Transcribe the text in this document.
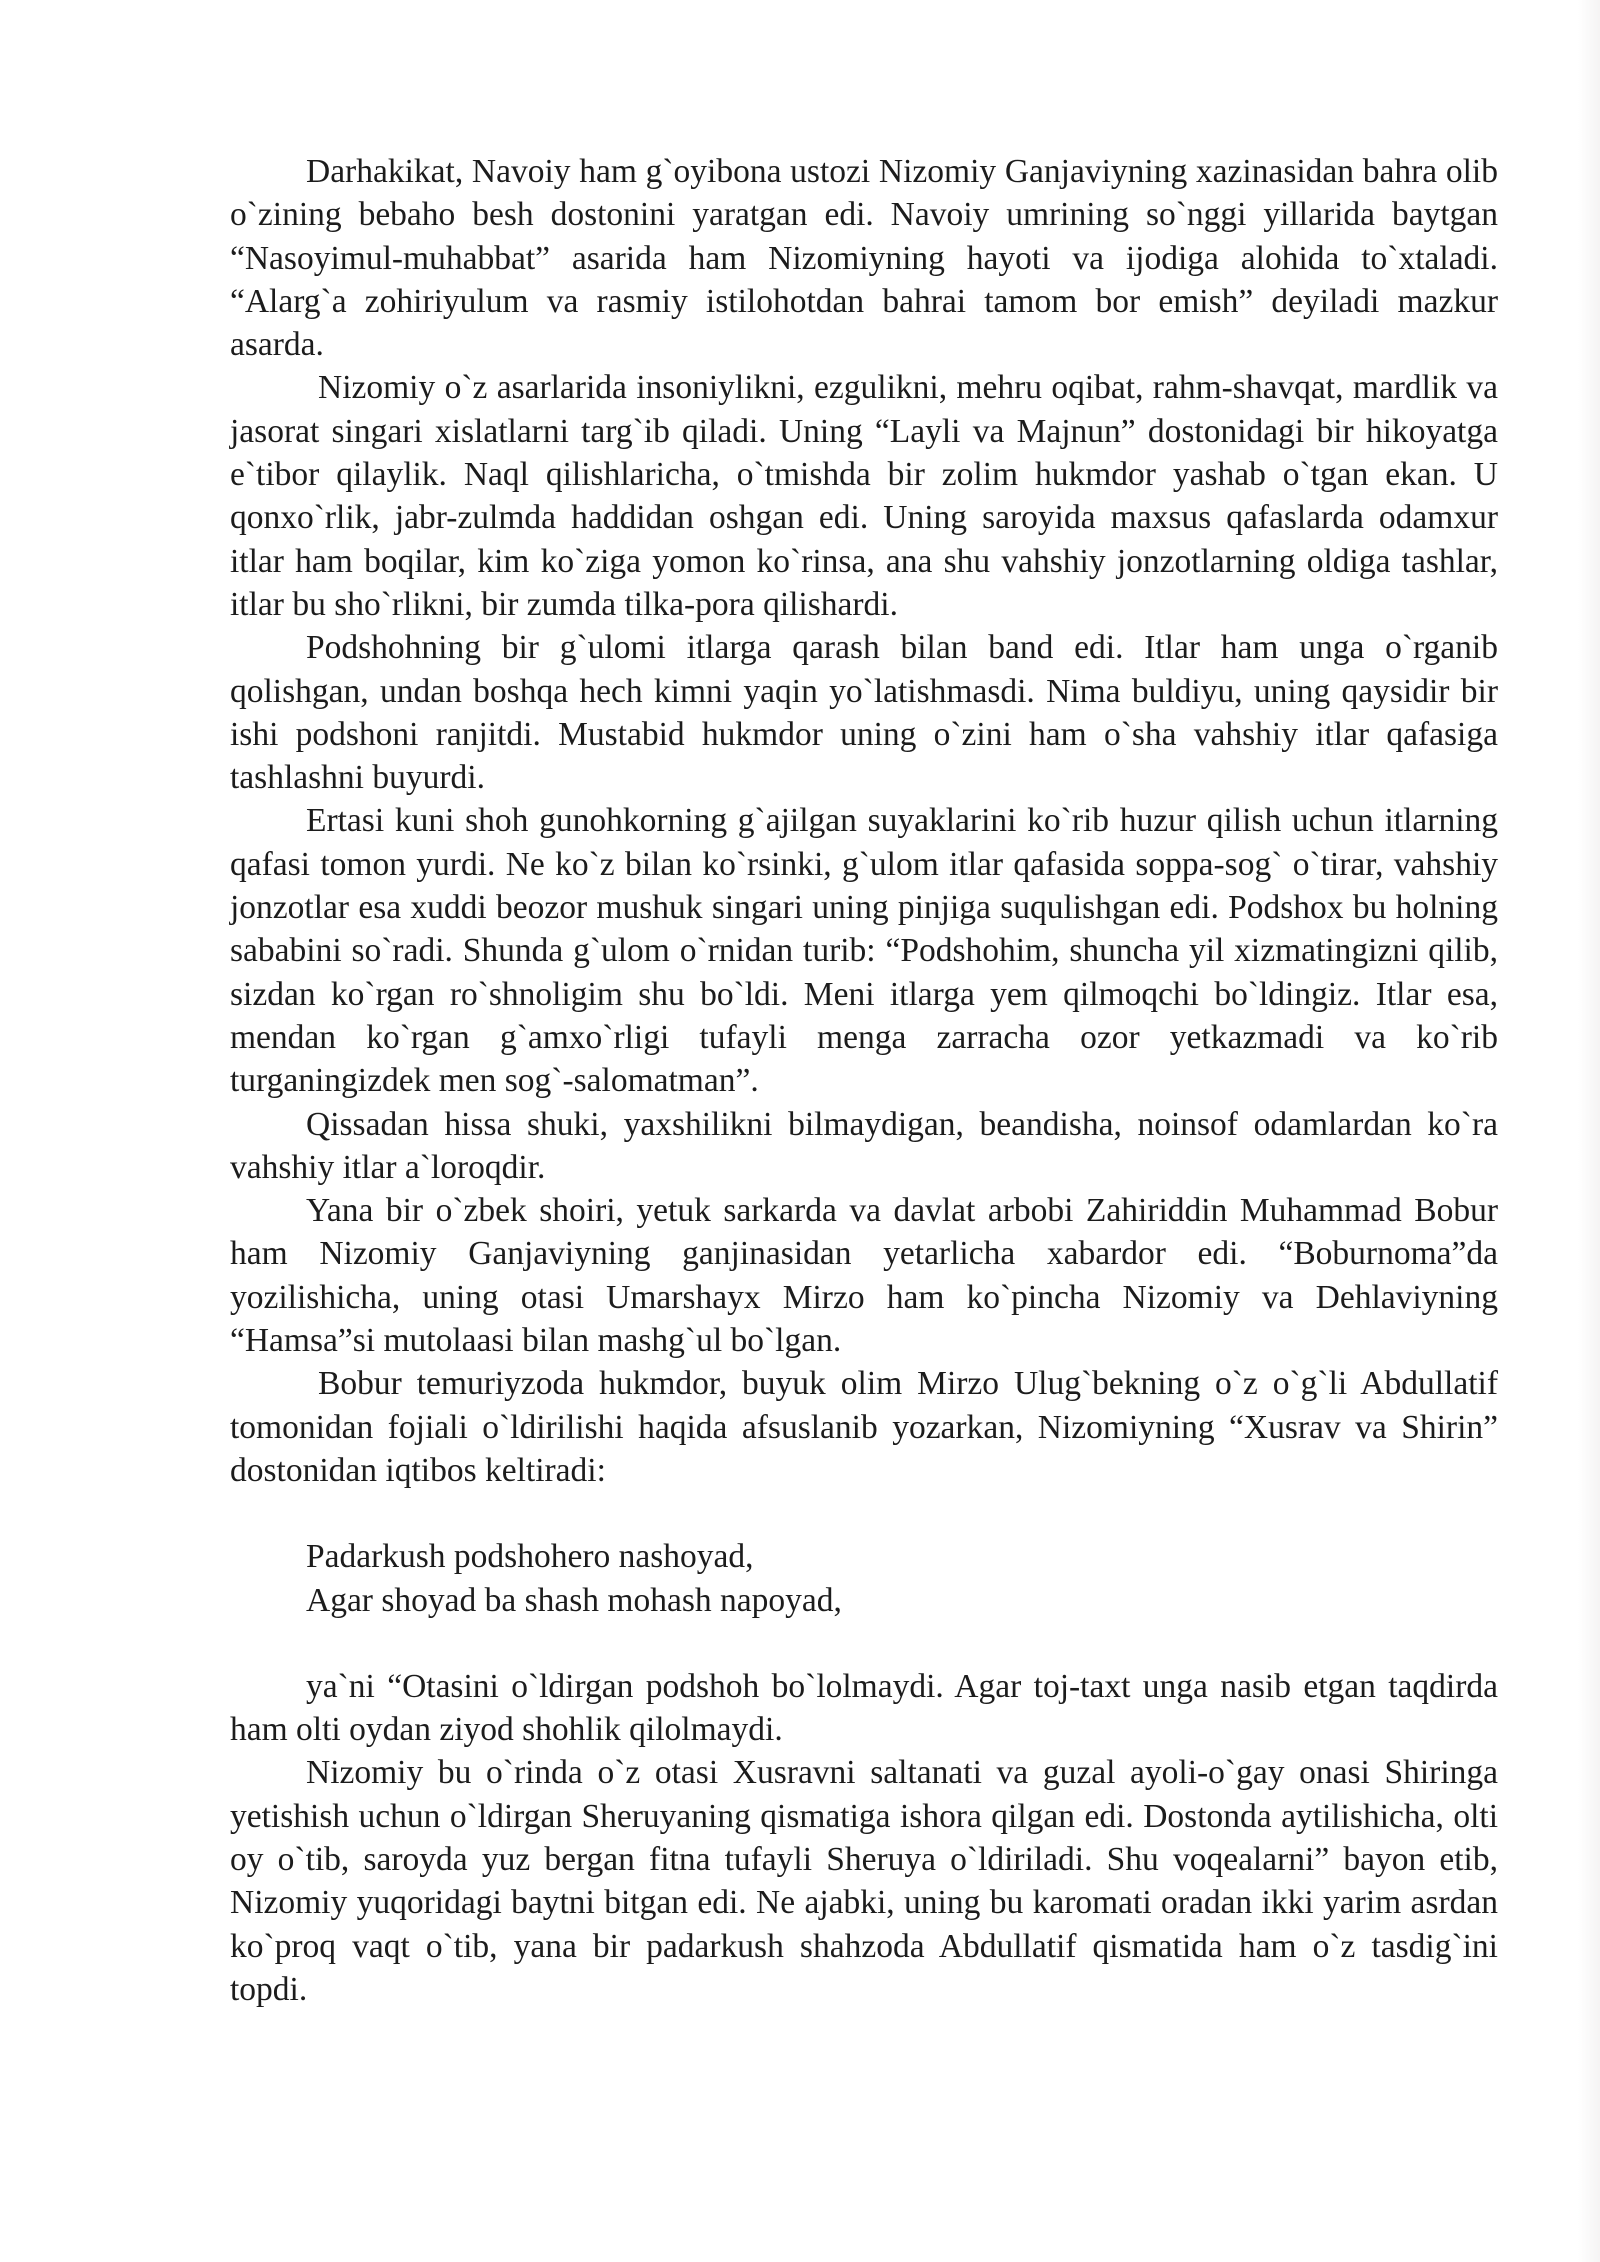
Darhakikat, Navoiy ham g`oyibona ustozi Nizomiy Ganjaviyning xazinasidan bahra olib o`zining bebaho besh dostonini yaratgan edi. Navoiy umrining so`nggi yillarida baytgan “Nasoyimul-muhabbat” asarida ham Nizomiyning hayoti va ijodiga alohida to`xtaladi. “Alarg`a zohiriyulum va rasmiy istilohotdan bahrai tamom bor emish” deyiladi mazkur asarda.

Nizomiy o`z asarlarida insoniylikni, ezgulikni, mehru oqibat, rahm-shavqat, mardlik va jasorat singari xislatlarni targ`ib qiladi. Uning “Layli va Majnun” dostonidagi bir hikoyatga e`tibor qilaylik. Naql qilishlaricha, o`tmishda bir zolim hukmdor yashab o`tgan ekan. U qonxo`rlik, jabr-zulmda haddidan oshgan edi. Uning saroyida maxsus qafaslarda odamxur itlar ham boqilar, kim ko`ziga yomon ko`rinsa, ana shu vahshiy jonzotlarning oldiga tashlar, itlar bu sho`rlikni, bir zumda tilka-pora qilishardi.

Podshohning bir g`ulomi itlarga qarash bilan band edi. Itlar ham unga o`rganib qolishgan, undan boshqa hech kimni yaqin yo`latishmasdi. Nima buldiyu, uning qaysidir bir ishi podshoni ranjitdi. Mustabid hukmdor uning o`zini ham o`sha vahshiy itlar qafasiga tashlashni buyurdi.

Ertasi kuni shoh gunohkorning g`ajilgan suyaklarini ko`rib huzur qilish uchun itlarning qafasi tomon yurdi. Ne ko`z bilan ko`rsinki, g`ulom itlar qafasida soppa-sog` o`tirar, vahshiy jonzotlar esa xuddi beozor mushuk singari uning pinjiga suqulishgan edi. Podshox bu holning sababini so`radi. Shunda g`ulom o`rnidan turib: “Podshohim, shuncha yil xizmatingizni qilib, sizdan ko`rgan ro`shnoligim shu bo`ldi. Meni itlarga yem qilmoqchi bo`ldingiz. Itlar esa, mendan ko`rgan g`amxo`rligi tufayli menga zarracha ozor yetkazmadi va ko`rib turganingizdek men sog`-salomatman”.

Qissadan hissa shuki, yaxshilikni bilmaydigan, beandisha, noinsof odamlardan ko`ra vahshiy itlar a`loroqdir.

Yana bir o`zbek shoiri, yetuk sarkarda va davlat arbobi Zahiriddin Muhammad Bobur ham Nizomiy Ganjaviyning ganjinasidan yetarlicha xabardor edi. “Boburnoma”da yozilishicha, uning otasi Umarshayx Mirzo ham ko`pincha Nizomiy va Dehlaviyning “Hamsa”si mutolaasi bilan mashg`ul bo`lgan.

Bobur temuriyzoda hukmdor, buyuk olim Mirzo Ulug`bekning o`z o`g`li Abdullatif tomonidan fojiali o`ldirilishi haqida afsuslanib yozarkan, Nizomiyning “Xusrav va Shirin” dostonidan iqtibos keltiradi:

Padarkush podshohero nashoyad,

Agar shoyad ba shash mohash napoyad,

ya`ni “Otasini o`ldirgan podshoh bo`lolmaydi. Agar toj-taxt unga nasib etgan taqdirda ham olti oydan ziyod shohlik qilolmaydi.

Nizomiy bu o`rinda o`z otasi Xusravni saltanati va guzal ayoli-o`gay onasi Shiringa yetishish uchun o`ldirgan Sheruyaning qismatiga ishora qilgan edi. Dostonda aytilishicha, olti oy o`tib, saroyda yuz bergan fitna tufayli Sheruya o`ldiriladi. Shu voqealarni” bayon etib, Nizomiy yuqoridagi baytni bitgan edi. Ne ajabki, uning bu karomati oradan ikki yarim asrdan ko`proq vaqt o`tib, yana bir padarkush shahzoda Abdullatif qismatida ham o`z tasdig`ini topdi.
